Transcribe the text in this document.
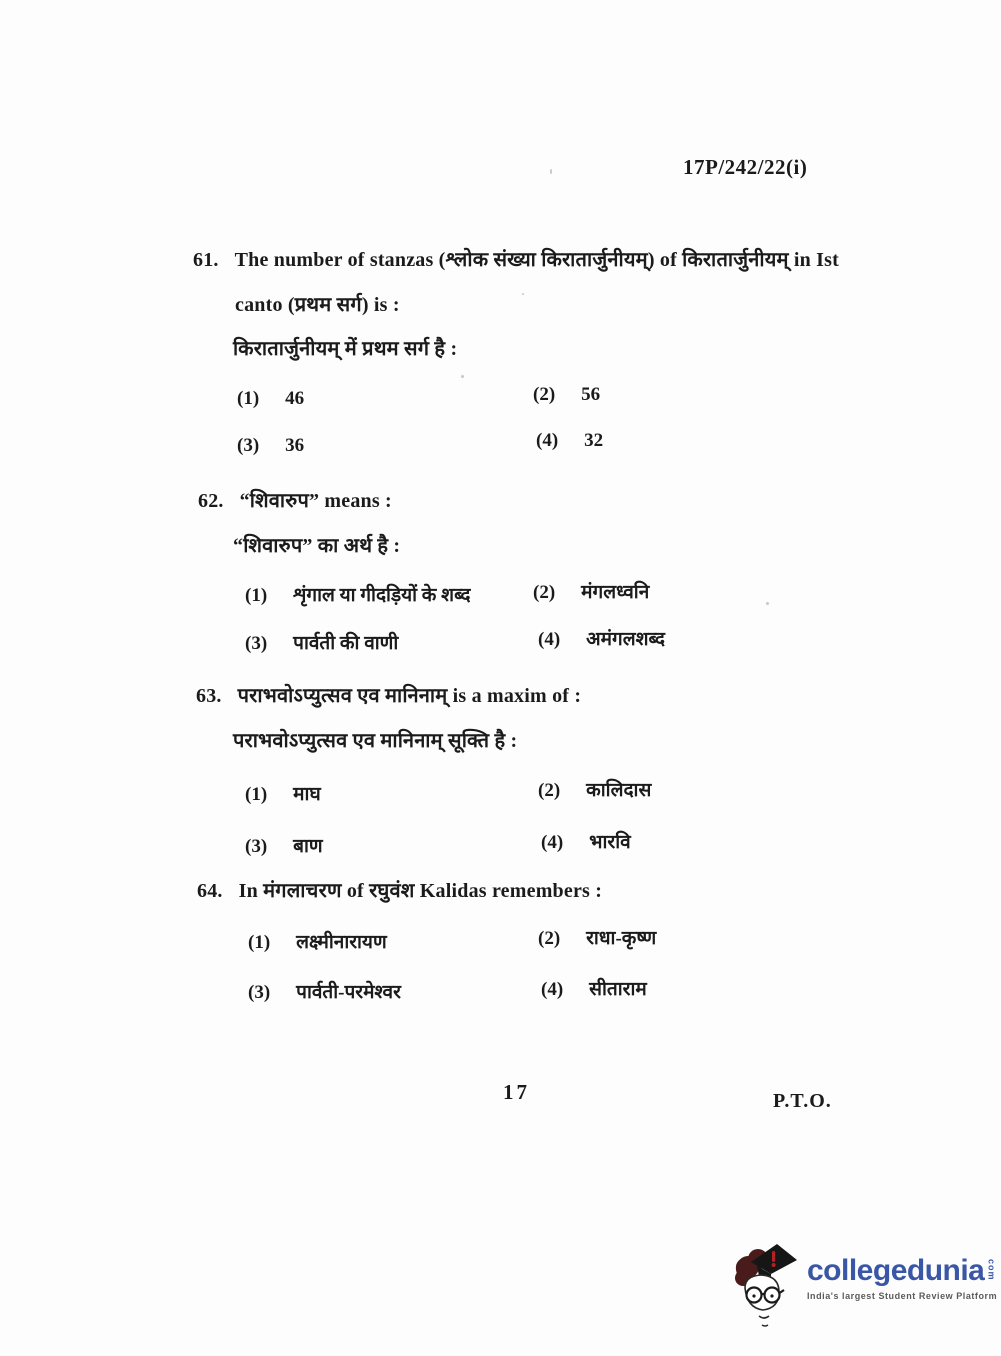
17P/242/22(i)
61. The number of stanzas (श्लोक संख्या किरातार्जुनीयम्) of किरातार्जुनीयम् in Ist
canto (प्रथम सर्ग) is :
किरातार्जुनीयम् में प्रथम सर्ग है :
(1) 46	(2) 56
(3) 36	(4) 32
62. “शिवारुप” means :
“शिवारुप” का अर्थ है :
(1) शृंगाल या गीदड़ियों के शब्द	(2) मंगलध्वनि
(3) पार्वती की वाणी	(4) अमंगलशब्द
63. पराभवोऽप्युत्सव एव मानिनाम् is a maxim of :
पराभवोऽप्युत्सव एव मानिनाम् सूक्ति है :
(1) माघ	(2) कालिदास
(3) बाण	(4) भारवि
64. In मंगलाचरण of रघुवंश Kalidas remembers :
(1) लक्ष्मीनारायण	(2) राधा-कृष्ण
(3) पार्वती-परमेश्वर	(4) सीताराम
17	P.T.O.
collegedunia com
India's largest Student Review Platform
